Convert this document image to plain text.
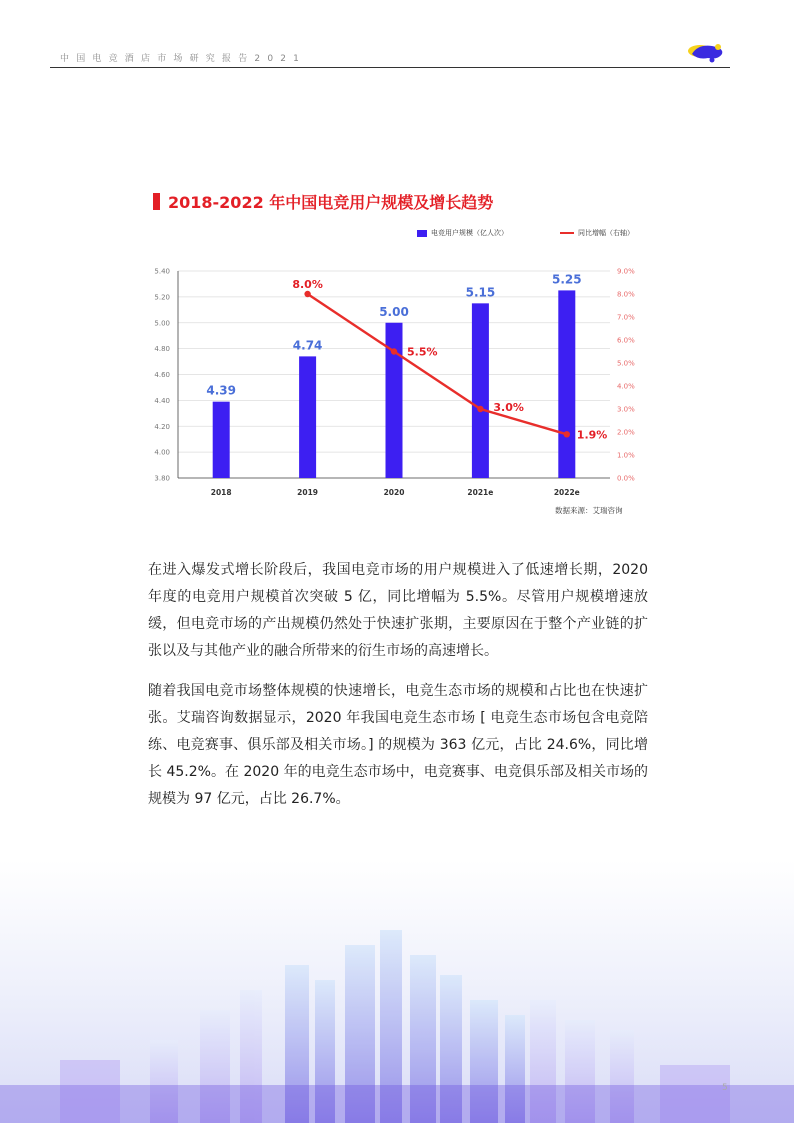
中国电竞酒店市场研究报告2021
2018-2022 年中国电竞用户规模及增长趋势
电竞用户规模（亿人次）	同比增幅（右轴）
3.80
4.00
4.20
4.40
4.60
4.80
5.00
5.20
5.40
0.0%
1.0%
2.0%
3.0%
4.0%
5.0%
6.0%
7.0%
8.0%
9.0%
4.39
4.74
5.00
5.15
5.25
2018	2019	2020	2021e	2022e
8.0%
5.5%
3.0%
1.9%
数据来源：艾瑞咨询

在进入爆发式增长阶段后，我国电竞市场的用户规模进入了低速增长期，2020 年度的电竞用户规模首次突破 5 亿，同比增幅为 5.5%。尽管用户规模增速放缓，但电竞市场的产出规模仍然处于快速扩张期，主要原因在于整个产业链的扩张以及与其他产业的融合所带来的衍生市场的高速增长。

随着我国电竞市场整体规模的快速增长，电竞生态市场的规模和占比也在快速扩张。艾瑞咨询数据显示，2020 年我国电竞生态市场 [ 电竞生态市场包含电竞陪练、电竞赛事、俱乐部及相关市场。] 的规模为 363 亿元，占比 24.6%，同比增长 45.2%。在 2020 年的电竞生态市场中，电竞赛事、电竞俱乐部及相关市场的规模为 97 亿元，占比 26.7%。

5
